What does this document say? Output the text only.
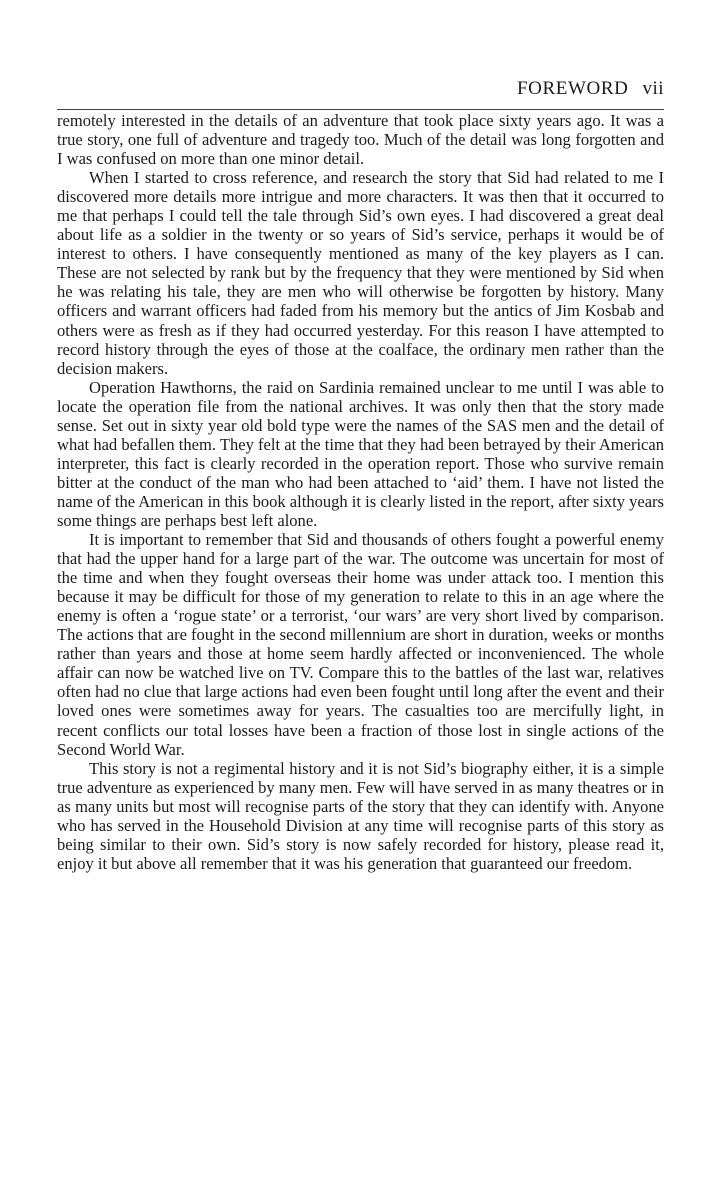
FOREWORD vii

remotely interested in the details of an adventure that took place sixty years ago. It was a true story, one full of adventure and tragedy too. Much of the detail was long forgotten and I was confused on more than one minor detail.

When I started to cross reference, and research the story that Sid had related to me I discovered more details more intrigue and more characters. It was then that it occurred to me that perhaps I could tell the tale through Sid’s own eyes. I had discovered a great deal about life as a soldier in the twenty or so years of Sid’s service, perhaps it would be of interest to others. I have consequently mentioned as many of the key players as I can. These are not selected by rank but by the frequency that they were mentioned by Sid when he was relating his tale, they are men who will otherwise be forgotten by history. Many officers and warrant officers had faded from his memory but the antics of Jim Kosbab and others were as fresh as if they had occurred yesterday. For this reason I have attempted to record history through the eyes of those at the coalface, the ordinary men rather than the decision makers.

Operation Hawthorns, the raid on Sardinia remained unclear to me until I was able to locate the operation file from the national archives. It was only then that the story made sense. Set out in sixty year old bold type were the names of the SAS men and the detail of what had befallen them. They felt at the time that they had been betrayed by their American interpreter, this fact is clearly recorded in the operation report. Those who survive remain bitter at the conduct of the man who had been attached to ‘aid’ them. I have not listed the name of the American in this book although it is clearly listed in the report, after sixty years some things are perhaps best left alone.

It is important to remember that Sid and thousands of others fought a powerful enemy that had the upper hand for a large part of the war. The outcome was uncertain for most of the time and when they fought overseas their home was under attack too. I mention this because it may be difficult for those of my generation to relate to this in an age where the enemy is often a ‘rogue state’ or a terrorist, ‘our wars’ are very short lived by comparison. The actions that are fought in the second millennium are short in duration, weeks or months rather than years and those at home seem hardly affected or inconvenienced. The whole affair can now be watched live on TV. Compare this to the battles of the last war, relatives often had no clue that large actions had even been fought until long after the event and their loved ones were sometimes away for years. The casualties too are mercifully light, in recent conflicts our total losses have been a fraction of those lost in single actions of the Second World War.

This story is not a regimental history and it is not Sid’s biography either, it is a simple true adventure as experienced by many men. Few will have served in as many theatres or in as many units but most will recognise parts of the story that they can identify with. Anyone who has served in the Household Division at any time will recognise parts of this story as being similar to their own. Sid’s story is now safely recorded for history, please read it, enjoy it but above all remember that it was his generation that guaranteed our freedom.
